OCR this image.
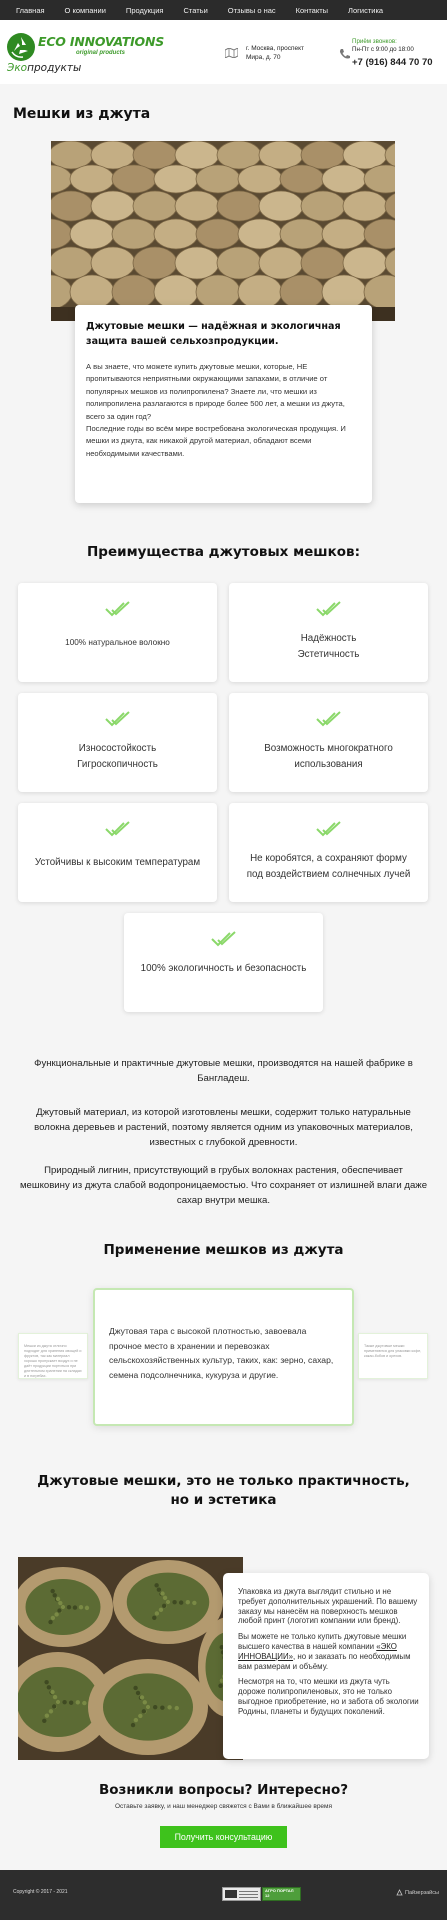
Главная	О компании	Продукция	Статьи	Отзывы о нас	Контакты	Логистика
ECO INNOVATIONS
original products
Экопродукты
г. Москва, проспект Мира, д. 70
Приём звонков:
Пн-Пт с 9:00 до 18:00
+7 (916) 844 70 70
Мешки из джута
Джутовые мешки — надёжная и экологичная защита вашей сельхозпродукции.

А вы знаете, что можете купить джутовые мешки, которые, НЕ пропитываются неприятными окружающими запахами, в отличие от популярных мешков из полипропилена? Знаете ли, что мешки из полипропилена разлагаются в природе более 500 лет, а мешки из джута, всего за один год?

Последние годы во всём мире востребована экологическая продукция. И мешки из джута, как никакой другой материал, обладают всеми необходимыми качествами.

Преимущества джутовых мешков:
100% натуральное волокно	Надёжность
Эстетичность
Износостойкость
Гигроскопичность
Возможность многократного
использования
Устойчивы к высоким температурам	Не коробятся, а сохраняют форму
под воздействием солнечных лучей
100% экологичность и безопасность

Функциональные и практичные джутовые мешки, производятся на нашей фабрике в Бангладеш.

Джутовый материал, из которой изготовлены мешки, содержит только натуральные волокна деревьев и растений, поэтому является одним из упаковочных материалов, известных с глубокой древности.

Природный лигнин, присутствующий в грубых волокнах растения, обеспечивает мешковину из джута слабой водопроницаемостью. Что сохраняет от излишней влаги даже сахар внутри мешка.

Применение мешков из джута

Мешки из джута отлично подходят для хранения овощей и фруктов, так как материал хорошо пропускает воздух и не даёт продукции портиться при длительном хранении на складах и в погребах.

Джутовая тара с высокой плотностью, завоевала прочное место в хранении и перевозках сельскохозяйственных культур, таких, как: зерно, сахар, семена подсолнечника, кукуруза и другие.

Также джутовые мешки применяются для упаковки кофе, какао-бобов и орехов.

Джутовые мешки, это не только практичность, но и эстетика

Упаковка из джута выглядит стильно и не требует дополнительных украшений. По вашему заказу мы нанесём на поверхность мешков любой принт (логотип компании или бренд).

Вы можете не только купить джутовые мешки высшего качества в нашей компании «ЭКО ИННОВАЦИИ», но и заказать по необходимым вам размерам и объёму.

Несмотря на то, что мешки из джута чуть дороже полипропиленовых, это не только выгодное приобретение, но и забота об экологии Родины, планеты и будущих поколений.

Возникли вопросы? Интересно?
Оставьте заявку, и наш менеджер свяжется с Вами в ближайшее время
Получить консультацию
Copyright © 2017 - 2021	АГРО ПОРТАЛ 12	Пайзерзайсы
